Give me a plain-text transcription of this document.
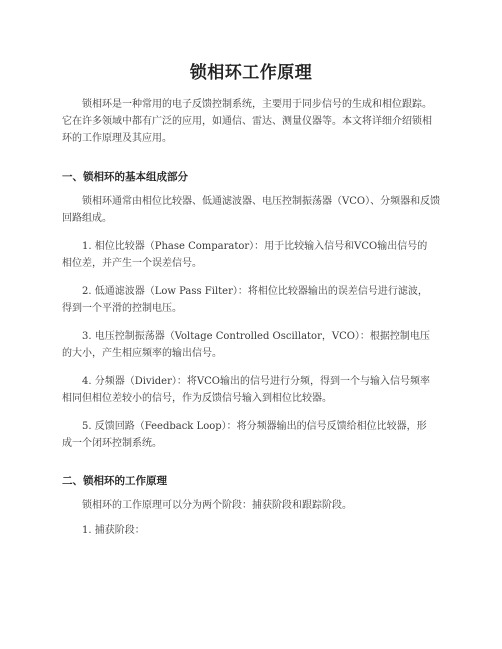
锁相环工作原理

锁相环是一种常用的电子反馈控制系统，主要用于同步信号的生成和相位跟踪。它在许多领域中都有广泛的应用，如通信、雷达、测量仪器等。本文将详细介绍锁相环的工作原理及其应用。

一、锁相环的基本组成部分

锁相环通常由相位比较器、低通滤波器、电压控制振荡器（VCO）、分频器和反馈回路组成。

1. 相位比较器（Phase Comparator）：用于比较输入信号和VCO输出信号的相位差，并产生一个误差信号。

2. 低通滤波器（Low Pass Filter）：将相位比较器输出的误差信号进行滤波，得到一个平滑的控制电压。

3. 电压控制振荡器（Voltage Controlled Oscillator，VCO）：根据控制电压的大小，产生相应频率的输出信号。

4. 分频器（Divider）：将VCO输出的信号进行分频，得到一个与输入信号频率相同但相位差较小的信号，作为反馈信号输入到相位比较器。

5. 反馈回路（Feedback Loop）：将分频器输出的信号反馈给相位比较器，形成一个闭环控制系统。

二、锁相环的工作原理

锁相环的工作原理可以分为两个阶段：捕获阶段和跟踪阶段。

1. 捕获阶段：
